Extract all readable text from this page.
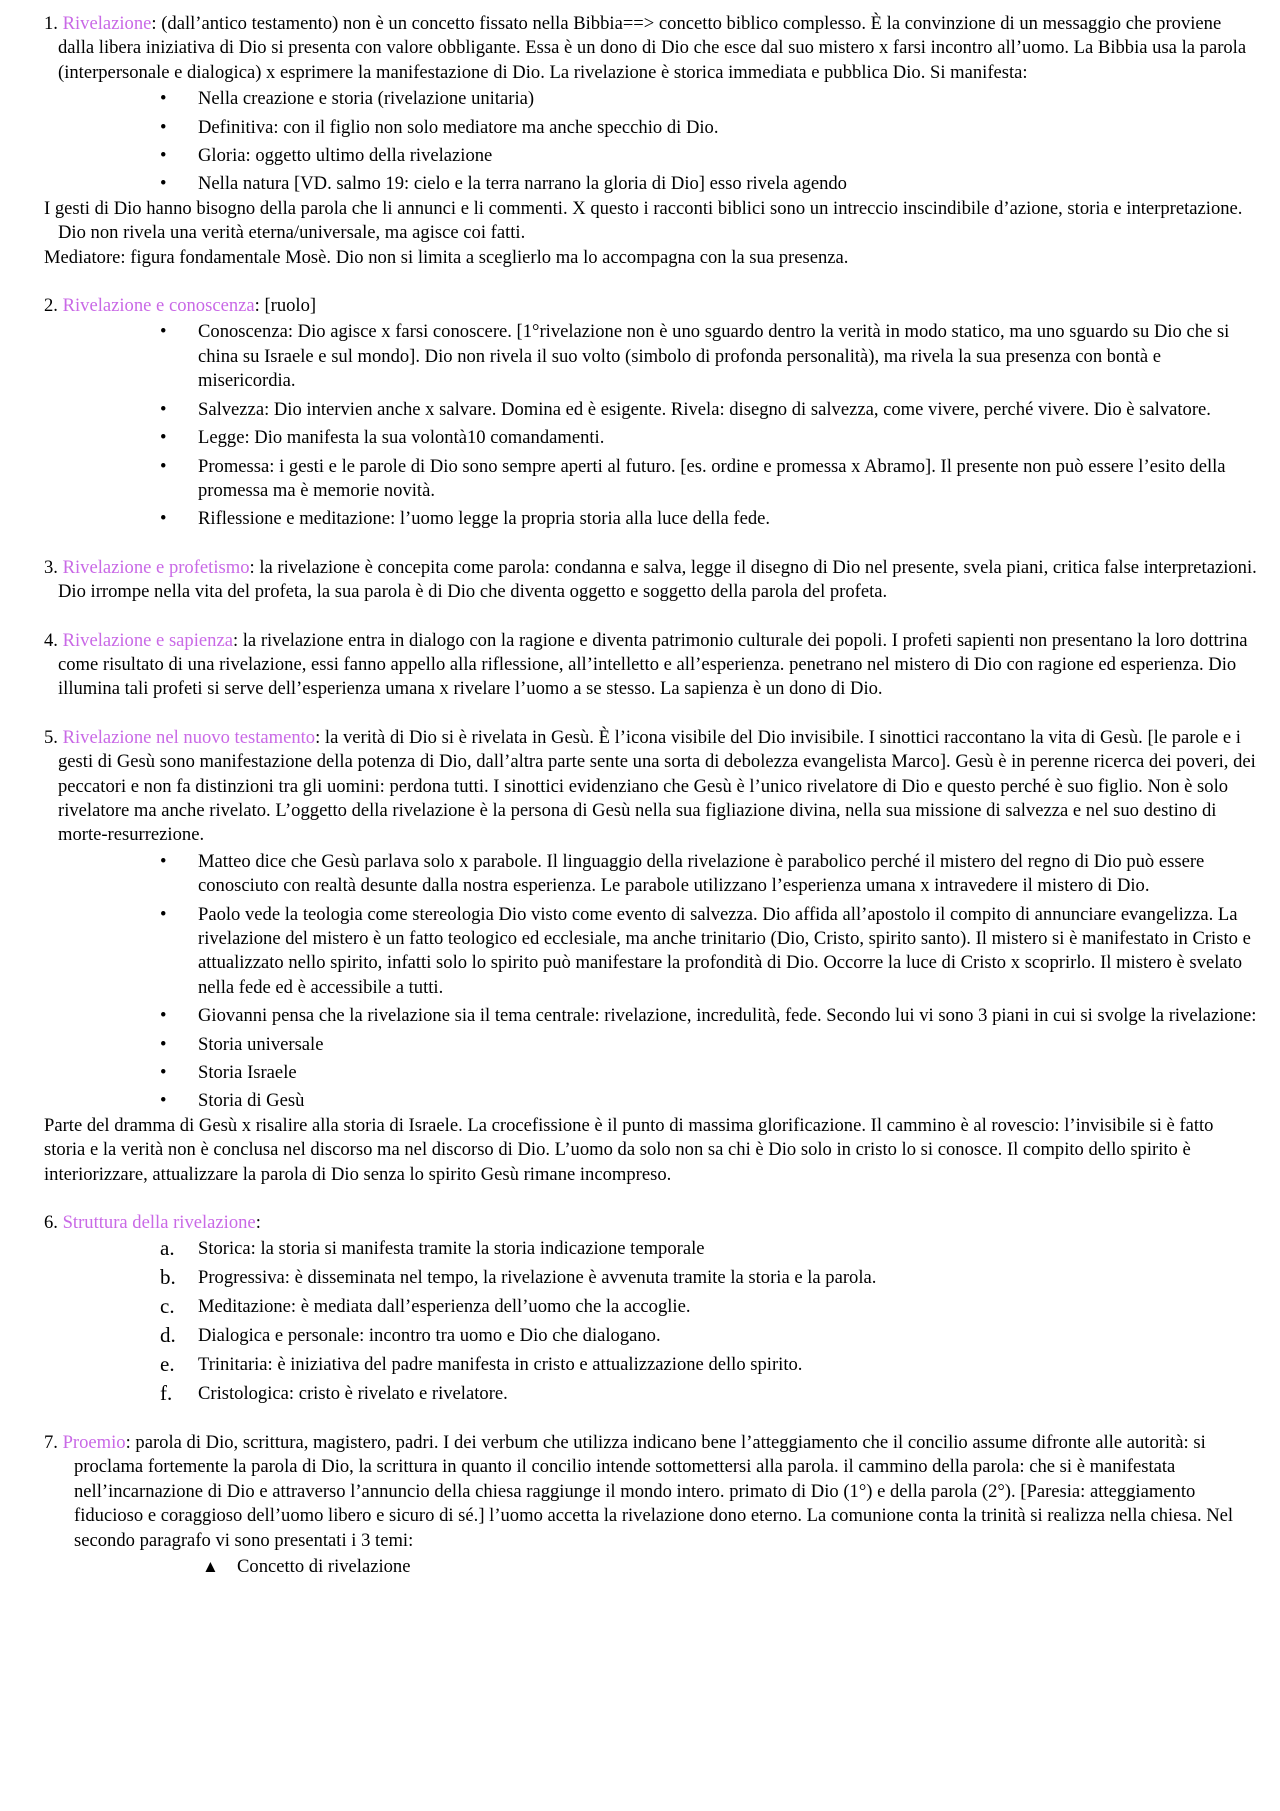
1. Rivelazione: (dall’antico testamento) non è un concetto fissato nella Bibbia==> concetto biblico complesso. È la convinzione di un messaggio che proviene dalla libera iniziativa di Dio si presenta con valore obbligante. Essa è un dono di Dio che esce dal suo mistero x farsi incontro all’uomo. La Bibbia usa la parola (interpersonale e dialogica) x esprimere la manifestazione di Dio. La rivelazione è storica immediata e pubblica Dio. Si manifesta:
• Nella creazione e storia (rivelazione unitaria)
• Definitiva: con il figlio non solo mediatore ma anche specchio di Dio.
• Gloria: oggetto ultimo della rivelazione
• Nella natura [VD. salmo 19: cielo e la terra narrano la gloria di Dio] esso rivela agendo
I gesti di Dio hanno bisogno della parola che li annunci e li commenti. X questo i racconti biblici sono un intreccio inscindibile d’azione, storia e interpretazione. Dio non rivela una verità eterna/universale, ma agisce coi fatti.
Mediatore: figura fondamentale Mosè. Dio non si limita a sceglierlo ma lo accompagna con la sua presenza.
2. Rivelazione e conoscenza: [ruolo]
• Conoscenza: Dio agisce x farsi conoscere. [1°rivelazione non è uno sguardo dentro la verità in modo statico, ma uno sguardo su Dio che si china su Israele e sul mondo]. Dio non rivela il suo volto (simbolo di profonda personalità), ma rivela la sua presenza con bontà e misericordia.
• Salvezza: Dio intervien anche x salvare. Domina ed è esigente. Rivela: disegno di salvezza, come vivere, perché vivere. Dio è salvatore.
• Legge: Dio manifesta la sua volontà10 comandamenti.
• Promessa: i gesti e le parole di Dio sono sempre aperti al futuro. [es. ordine e promessa x Abramo]. Il presente non può essere l’esito della promessa ma è memorie novità.
• Riflessione e meditazione: l’uomo legge la propria storia alla luce della fede.
3. Rivelazione e profetismo: la rivelazione è concepita come parola: condanna e salva, legge il disegno di Dio nel presente, svela piani, critica false interpretazioni. Dio irrompe nella vita del profeta, la sua parola è di Dio che diventa oggetto e soggetto della parola del profeta.
4. Rivelazione e sapienza: la rivelazione entra in dialogo con la ragione e diventa patrimonio culturale dei popoli. I profeti sapienti non presentano la loro dottrina come risultato di una rivelazione, essi fanno appello alla riflessione, all’intelletto e all’esperienza. penetrano nel mistero di Dio con ragione ed esperienza. Dio illumina tali profeti si serve dell’esperienza umana x rivelare l’uomo a se stesso. La sapienza è un dono di Dio.
5. Rivelazione nel nuovo testamento: la verità di Dio si è rivelata in Gesù. È l’icona visibile del Dio invisibile. I sinottici raccontano la vita di Gesù. [le parole e i gesti di Gesù sono manifestazione della potenza di Dio, dall’altra parte sente una sorta di debolezza evangelista Marco]. Gesù è in perenne ricerca dei poveri, dei peccatori e non fa distinzioni tra gli uomini: perdona tutti. I sinottici evidenziano che Gesù è l’unico rivelatore di Dio e questo perché è suo figlio. Non è solo rivelatore ma anche rivelato. L’oggetto della rivelazione è la persona di Gesù nella sua figliazione divina, nella sua missione di salvezza e nel suo destino di morte-resurrezione.
• Matteo dice che Gesù parlava solo x parabole. Il linguaggio della rivelazione è parabolico perché il mistero del regno di Dio può essere conosciuto con realtà desunte dalla nostra esperienza. Le parabole utilizzano l’esperienza umana x intravedere il mistero di Dio.
• Paolo vede la teologia come stereologia Dio visto come evento di salvezza. Dio affida all’apostolo il compito di annunciare evangelizza. La rivelazione del mistero è un fatto teologico ed ecclesiale, ma anche trinitario (Dio, Cristo, spirito santo). Il mistero si è manifestato in Cristo e attualizzato nello spirito, infatti solo lo spirito può manifestare la profondità di Dio. Occorre la luce di Cristo x scoprirlo. Il mistero è svelato nella fede ed è accessibile a tutti.
• Giovanni pensa che la rivelazione sia il tema centrale: rivelazione, incredulità, fede. Secondo lui vi sono 3 piani in cui si svolge la rivelazione:
• Storia universale
• Storia Israele
• Storia di Gesù
Parte del dramma di Gesù x risalire alla storia di Israele. La crocefissione è il punto di massima glorificazione. Il cammino è al rovescio: l’invisibile si è fatto storia e la verità non è conclusa nel discorso ma nel discorso di Dio. L’uomo da solo non sa chi è Dio solo in cristo lo si conosce. Il compito dello spirito è interiorizzare, attualizzare la parola di Dio senza lo spirito Gesù rimane incompreso.
6. Struttura della rivelazione:
a. Storica: la storia si manifesta tramite la storia indicazione temporale
b. Progressiva: è disseminata nel tempo, la rivelazione è avvenuta tramite la storia e la parola.
c. Meditazione: è mediata dall’esperienza dell’uomo che la accoglie.
d. Dialogica e personale: incontro tra uomo e Dio che dialogano.
e. Trinitaria: è iniziativa del padre manifesta in cristo e attualizzazione dello spirito.
f. Cristologica: cristo è rivelato e rivelatore.
7. Proemio: parola di Dio, scrittura, magistero, padri. I dei verbum che utilizza indicano bene l’atteggiamento che il concilio assume difronte alle autorità: si proclama fortemente la parola di Dio, la scrittura in quanto il concilio intende sottomettersi alla parola. il cammino della parola: che si è manifestata nell’incarnazione di Dio e attraverso l’annuncio della chiesa raggiunge il mondo intero. primato di Dio (1°) e della parola (2°). [Paresia: atteggiamento fiducioso e coraggioso dell’uomo libero e sicuro di sé.] l’uomo accetta la rivelazione dono eterno. La comunione conta la trinità si realizza nella chiesa. Nel secondo paragrafo vi sono presentati i 3 temi:
▲ Concetto di rivelazione
